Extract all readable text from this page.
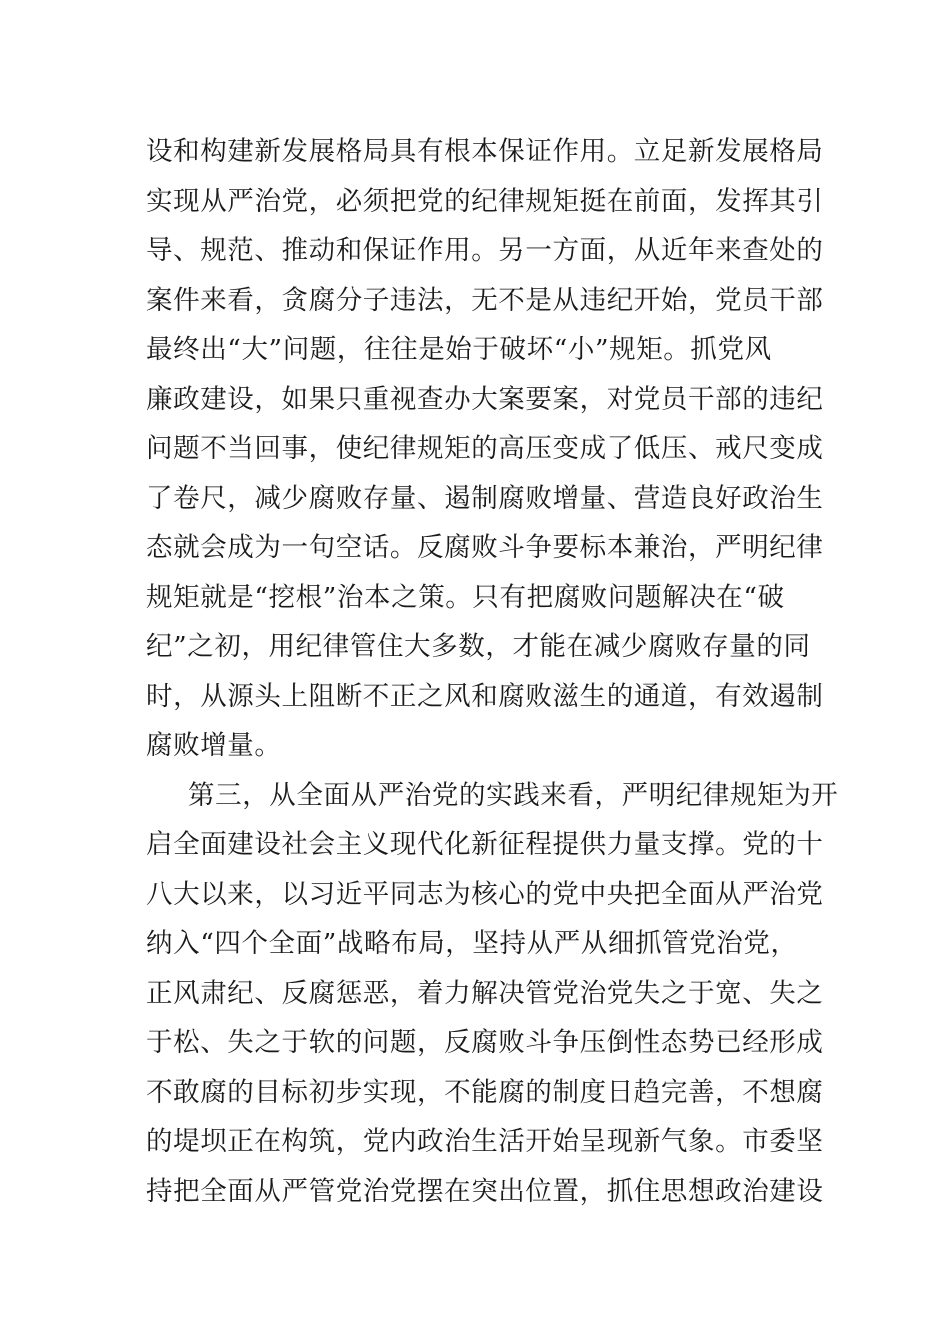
设和构建新发展格局具有根本保证作用。立足新发展格局
实现从严治党，必须把党的纪律规矩挺在前面，发挥其引
导、规范、推动和保证作用。另一方面，从近年来查处的
案件来看，贪腐分子违法，无不是从违纪开始，党员干部
最终出“大”问题，往往是始于破坏“小”规矩。抓党风
廉政建设，如果只重视查办大案要案，对党员干部的违纪
问题不当回事，使纪律规矩的高压变成了低压、戒尺变成
了卷尺，减少腐败存量、遏制腐败增量、营造良好政治生
态就会成为一句空话。反腐败斗争要标本兼治，严明纪律
规矩就是“挖根”治本之策。只有把腐败问题解决在“破
纪”之初，用纪律管住大多数，才能在减少腐败存量的同
时，从源头上阻断不正之风和腐败滋生的通道，有效遏制
腐败增量。
第三，从全面从严治党的实践来看，严明纪律规矩为开
启全面建设社会主义现代化新征程提供力量支撑。党的十
八大以来，以习近平同志为核心的党中央把全面从严治党
纳入“四个全面”战略布局，坚持从严从细抓管党治党，
正风肃纪、反腐惩恶，着力解决管党治党失之于宽、失之
于松、失之于软的问题，反腐败斗争压倒性态势已经形成
不敢腐的目标初步实现，不能腐的制度日趋完善，不想腐
的堤坝正在构筑，党内政治生活开始呈现新气象。市委坚
持把全面从严管党治党摆在突出位置，抓住思想政治建设
